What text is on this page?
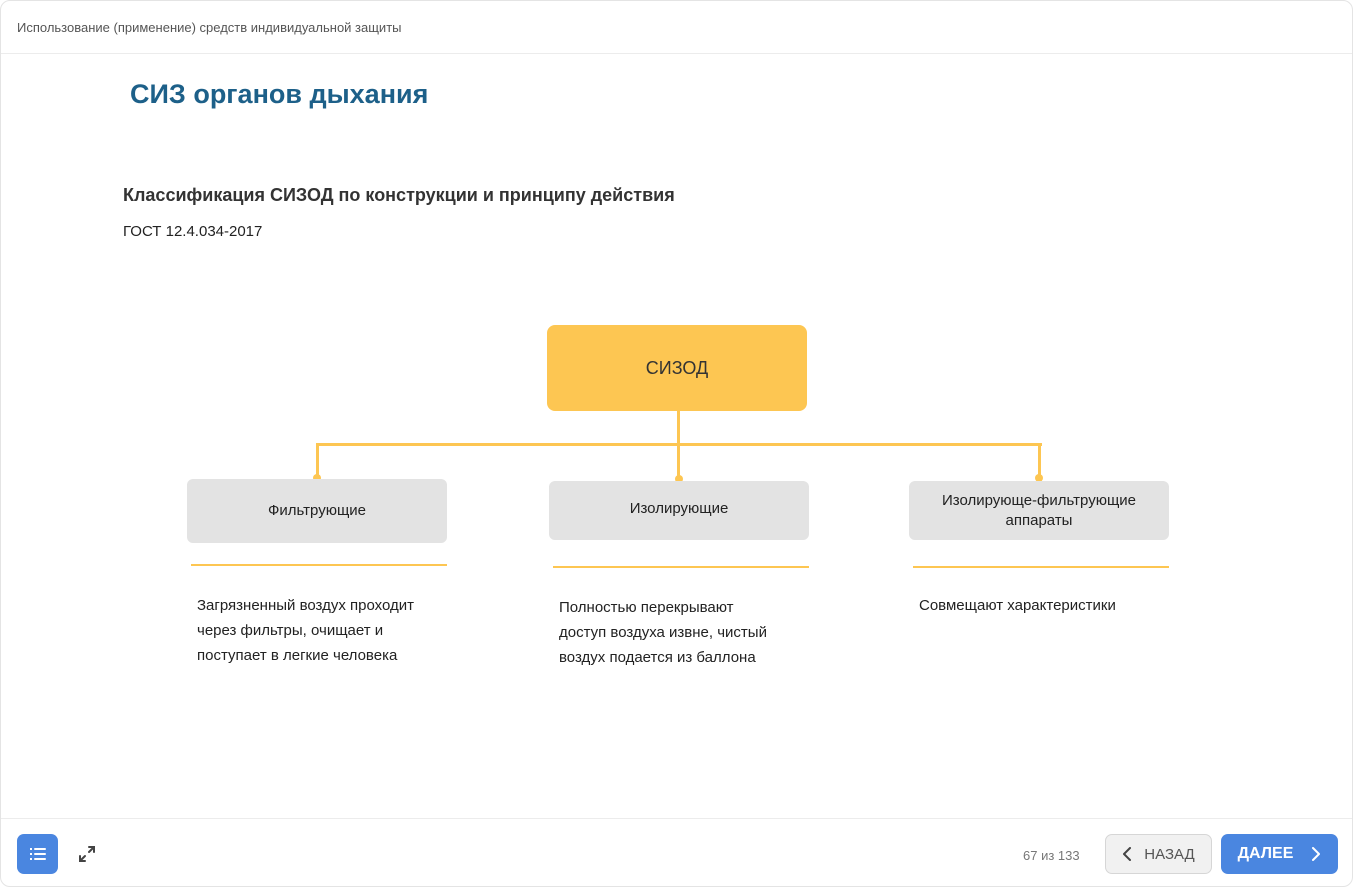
Использование (применение) средств индивидуальной защиты
СИЗ органов дыхания
Классификация СИЗОД по конструкции и принципу действия
ГОСТ 12.4.034-2017
СИЗОД
Фильтрующие	Изолирующие	Изолирующе-фильтрующие
аппараты
Загрязненный воздух проходит
через фильтры, очищает и
поступает в легкие человека
Полностью перекрывают
доступ воздуха извне, чистый
воздух подается из баллона
Совмещают характеристики
67 из 133	НАЗАД	ДАЛЕЕ
